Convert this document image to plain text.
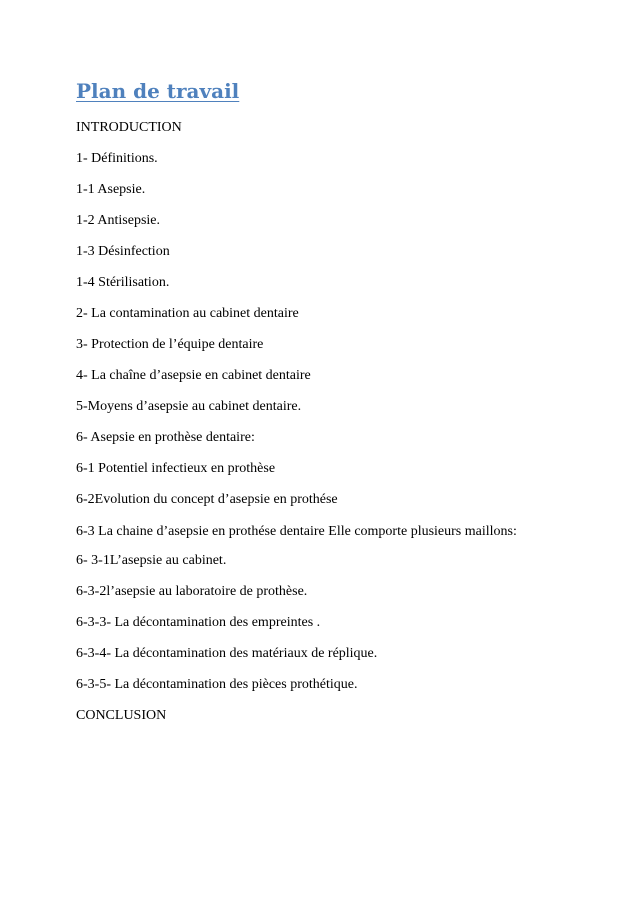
Plan de travail
INTRODUCTION
1- Définitions.
1-1 Asepsie.
1-2 Antisepsie.
1-3 Désinfection
1-4 Stérilisation.
2- La contamination au cabinet dentaire
3- Protection de l’équipe dentaire
4- La chaîne d’asepsie en cabinet dentaire
5-Moyens d’asepsie au cabinet dentaire.
6- Asepsie en prothèse dentaire:
6-1 Potentiel infectieux en prothèse
6-2Evolution du concept d’asepsie en prothése
6-3 La chaine d’asepsie en prothése dentaire Elle comporte plusieurs maillons:
6- 3-1L’asepsie au cabinet.
6-3-2l’asepsie au laboratoire de prothèse.
6-3-3- La décontamination des empreintes .
6-3-4- La décontamination des matériaux de réplique.
6-3-5- La décontamination des pièces prothétique.
CONCLUSION
